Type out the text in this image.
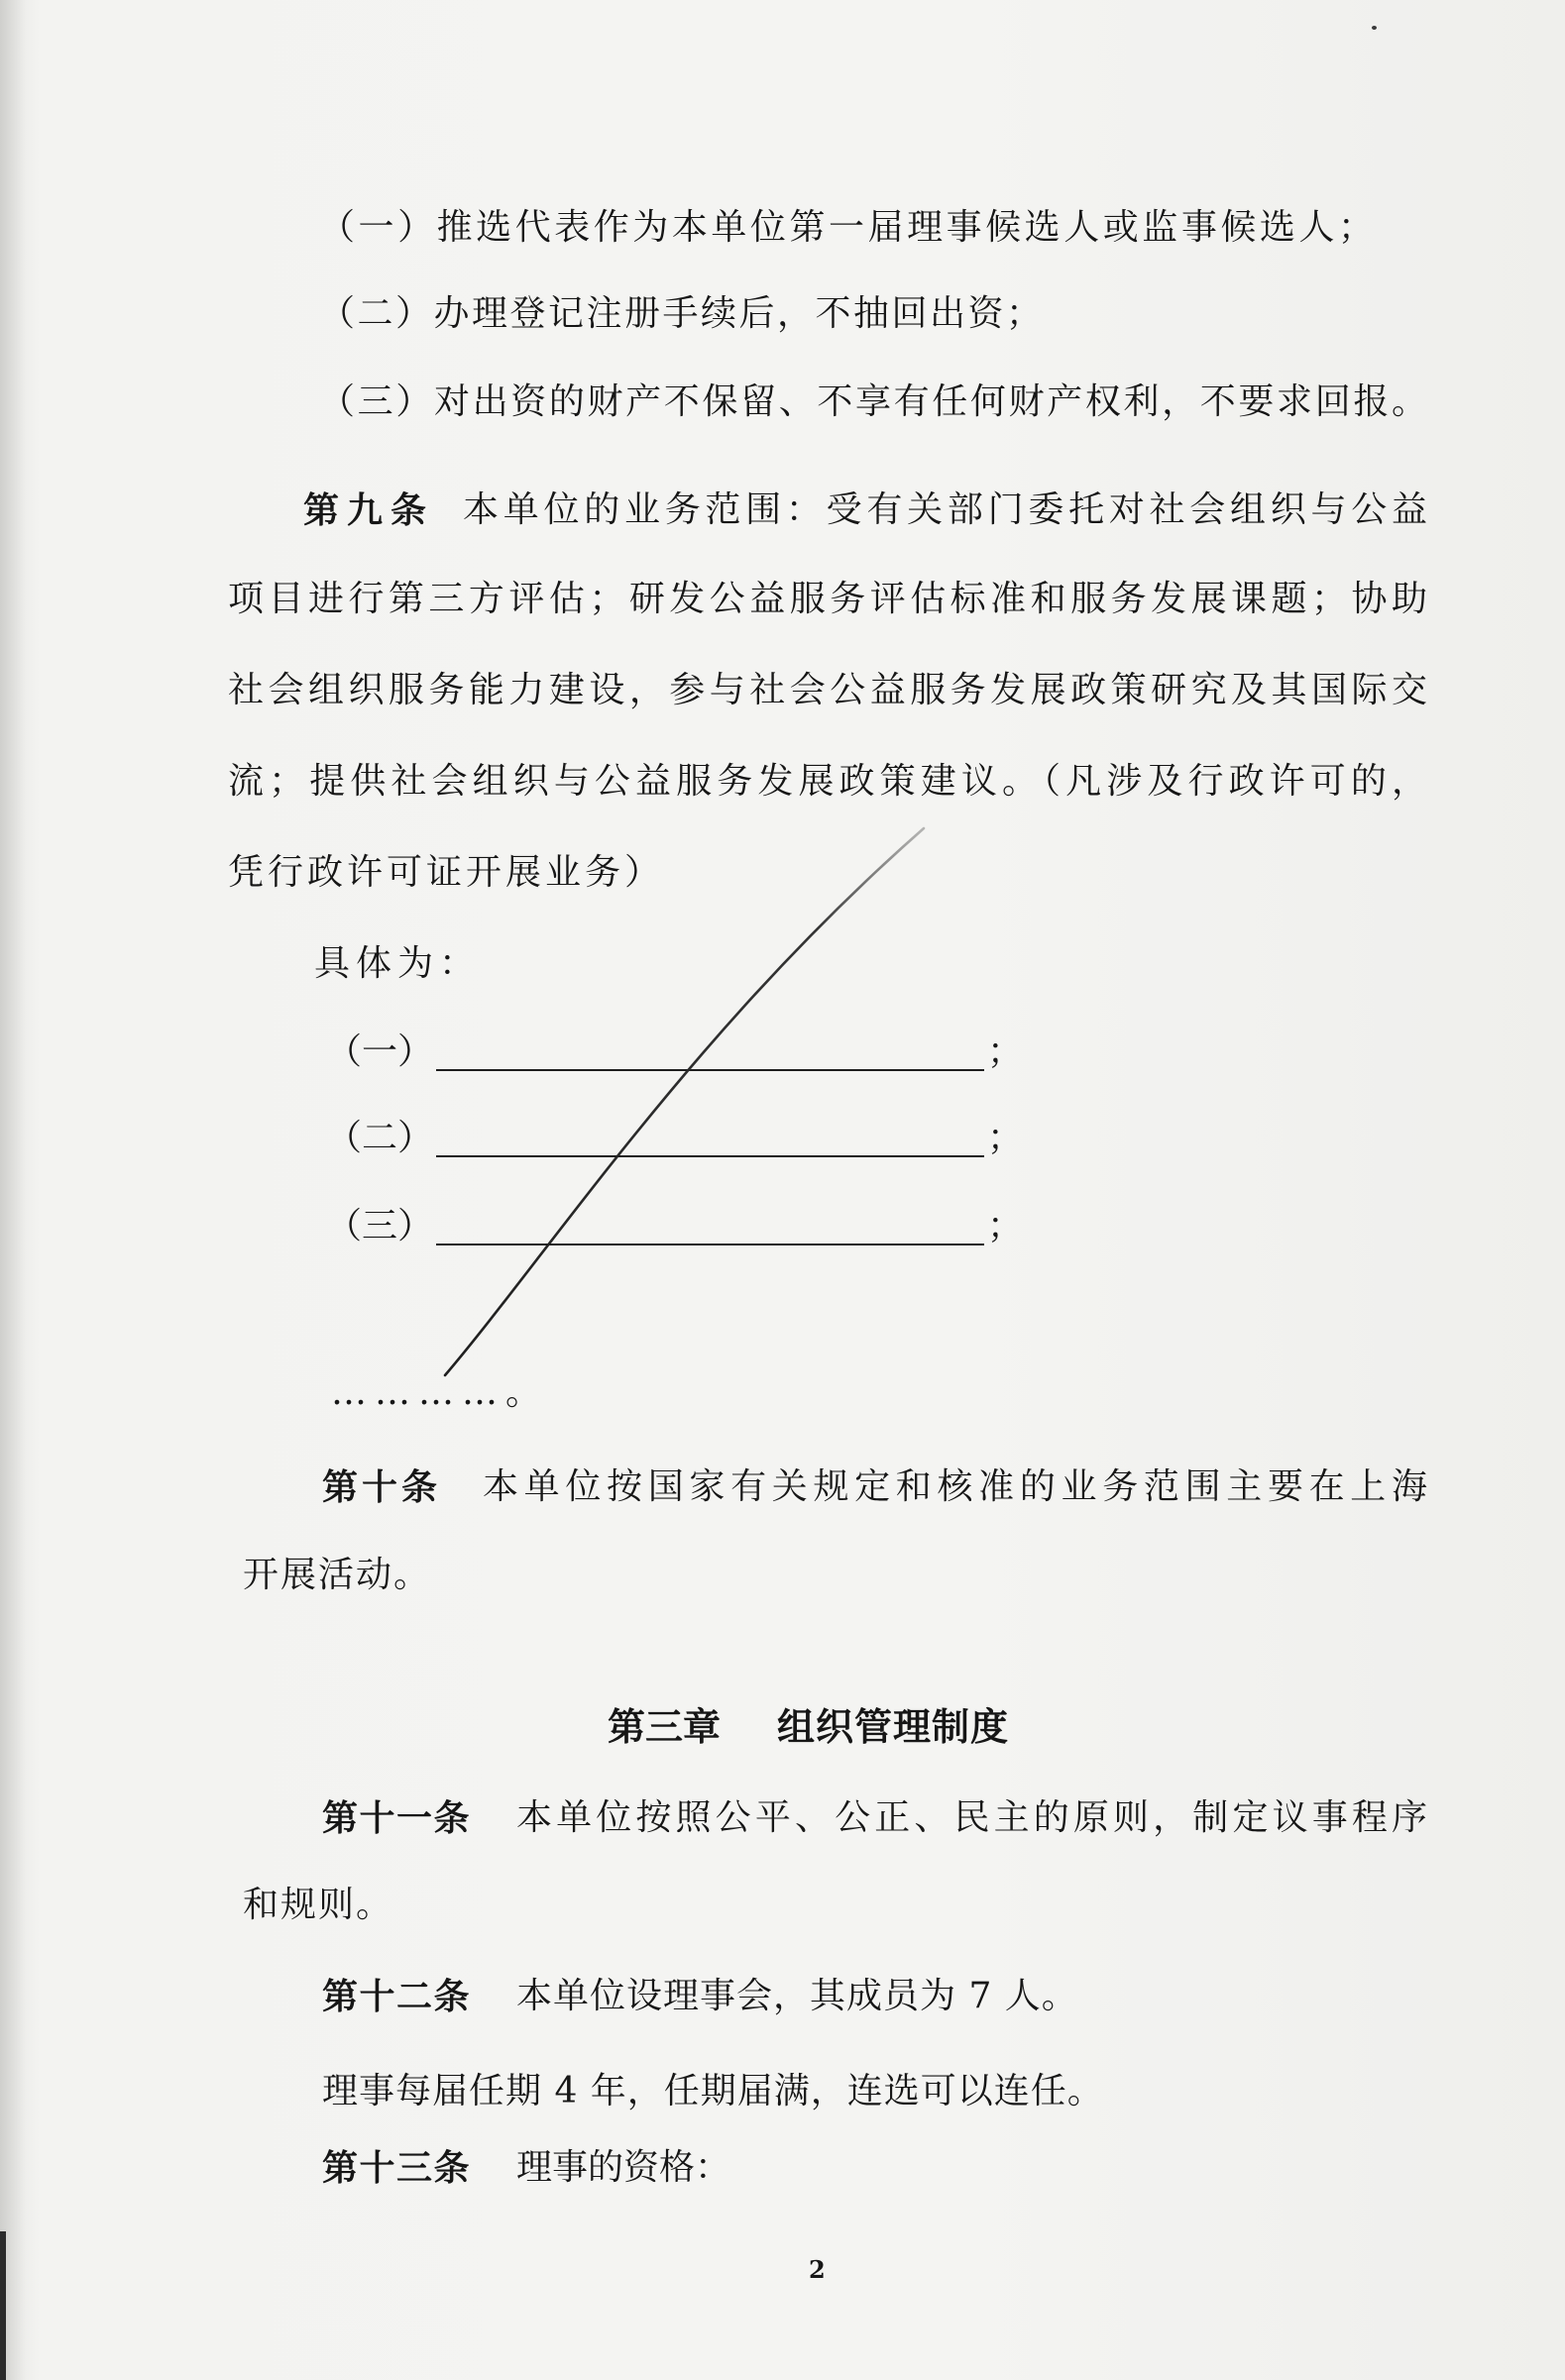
（一）推选代表作为本单位第一届理事候选人或监事候选人；
（二）办理登记注册手续后，不抽回出资；
（三）对出资的财产不保留、不享有任何财产权利，不要求回报。
第九条 本单位的业务范围：受有关部门委托对社会组织与公益
项目进行第三方评估；研发公益服务评估标准和服务发展课题；协助
社会组织服务能力建设，参与社会公益服务发展政策研究及其国际交
流；提供社会组织与公益服务发展政策建议。（凡涉及行政许可的，
凭行政许可证开展业务）
具体为：
（一）	；
（二）	；
（三）	；
…………。
第十条 本单位按国家有关规定和核准的业务范围主要在上海
开展活动。
第三章 组织管理制度
第十一条 本单位按照公平、公正、民主的原则，制定议事程序
和规则。
第十二条 本单位设理事会，其成员为 7 人。
理事每届任期 4 年，任期届满，连选可以连任。
第十三条 理事的资格：
2
